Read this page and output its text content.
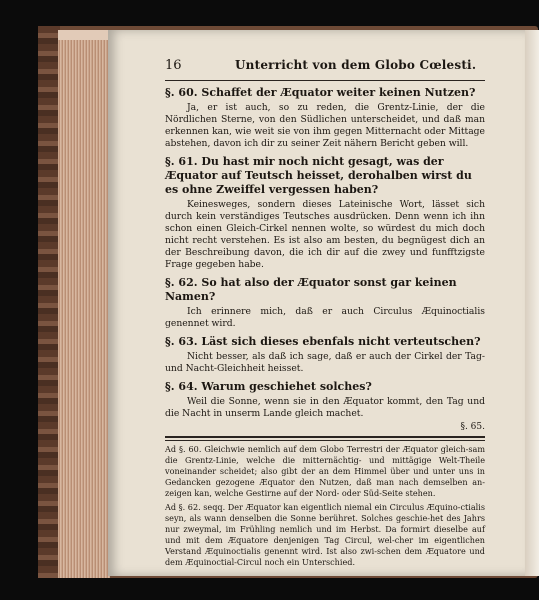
16	Unterricht von dem Globo Cœlesti.
§. 60. Schaffet der Æquator weiter keinen Nutzen?
Ja, er ist auch, so zu reden, die Grentz-Linie, der die Nördlichen Sterne, von den Südlichen unterscheidet, und daß man erkennen kan, wie weit sie von ihm gegen Mitternacht oder Mittage abstehen, davon ich dir zu seiner Zeit nähern Bericht geben will.
§. 61. Du hast mir noch nicht gesagt, was der Æquator auf Teutsch heisset, derohalben wirst du es ohne Zweiffel vergessen haben?
Keinesweges, sondern dieses Lateinische Wort, lässet sich durch kein verständiges Teutsches ausdrücken. Denn wenn ich ihn schon einen Gleich-Cirkel nennen wolte, so würdest du mich doch nicht recht verstehen. Es ist also am besten, du begnügest dich an der Beschreibung davon, die ich dir auf die zwey und funfftzigste Frage gegeben habe.
§. 62. So hat also der Æquator sonst gar keinen Namen?
Ich erinnere mich, daß er auch Circulus Æquinoctialis genennet wird.
§. 63. Läst sich dieses ebenfals nicht verteutschen?
Nicht besser, als daß ich sage, daß er auch der Cirkel der Tag- und Nacht-Gleichheit heisset.
§. 64. Warum geschiehet solches?
Weil die Sonne, wenn sie in den Æquator kommt, den Tag und die Nacht in unserm Lande gleich machet.
§. 65.
Ad §. 60. Gleichwie nemlich auf dem Globo Terrestri der Æquator gleich-sam die Grentz-Linie, welche die mitternächtig- und mittägige Welt-Theile voneinander scheidet; also gibt der an dem Himmel über und unter uns in Gedancken gezogene Æquator den Nutzen, daß man nach demselben an-zeigen kan, welche Gestirne auf der Nord- oder Süd-Seite stehen.
Ad §. 62. seqq. Der Æquator kan eigentlich niemal ein Circulus Æquino-ctialis seyn, als wann denselben die Sonne berühret. Solches geschie-het des Jahrs nur zweymal, im Frühling nemlich und im Herbst. Da formirt dieselbe auf und mit dem Æquatore denjenigen Tag Circul, wel-cher im eigentlichen Verstand Æquinoctialis genennt wird. Ist also zwi-schen dem Æquatore und dem Æquinoctial-Circul noch ein Unterschied.
